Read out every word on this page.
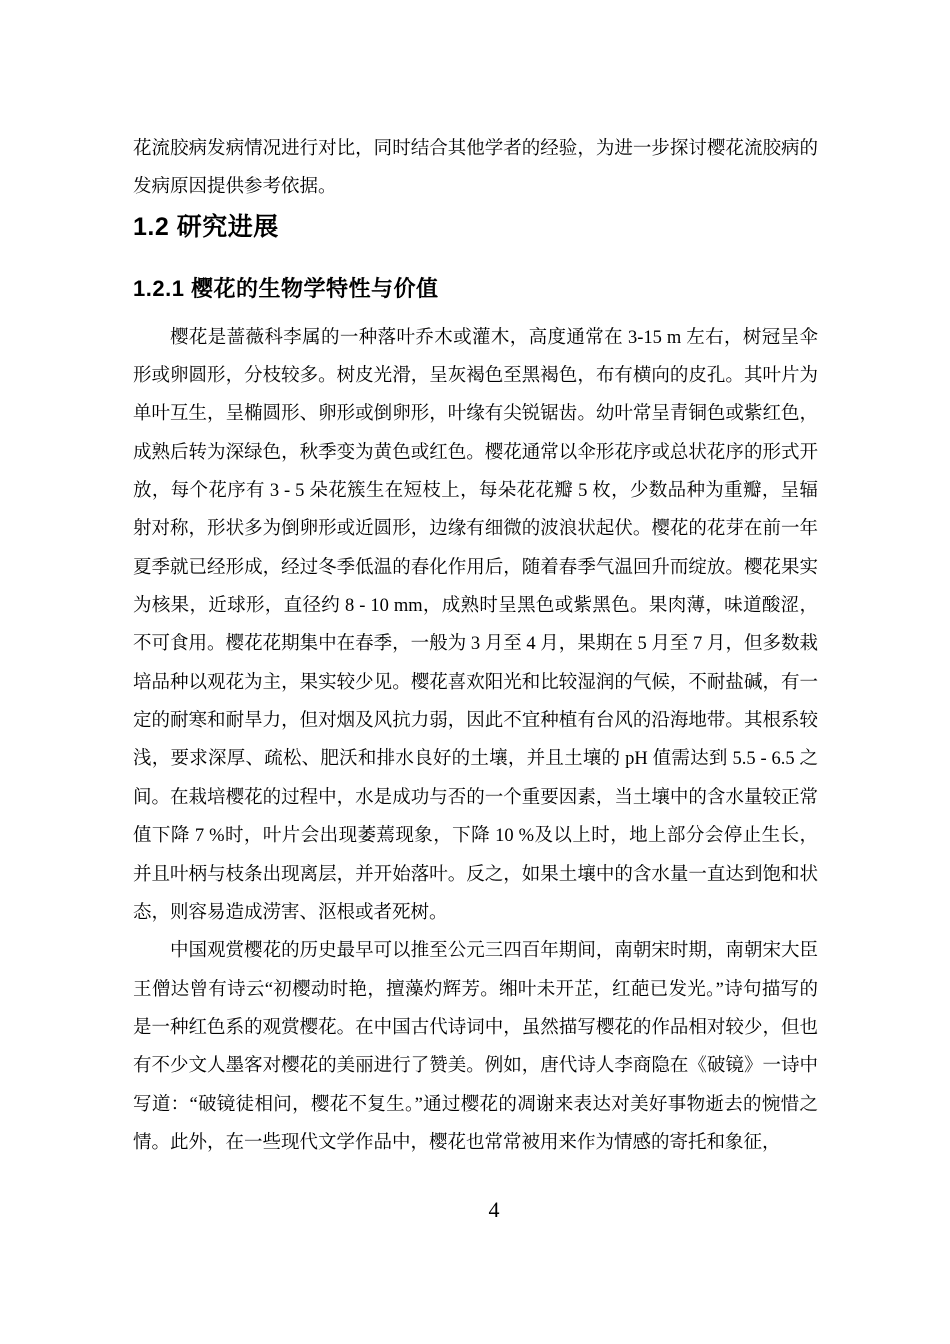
花流胶病发病情况进行对比，同时结合其他学者的经验，为进一步探讨樱花流胶病的发病原因提供参考依据。

1.2 研究进展
1.2.1 樱花的生物学特性与价值

樱花是蔷薇科李属的一种落叶乔木或灌木，高度通常在 3-15 m 左右，树冠呈伞形或卵圆形，分枝较多。树皮光滑，呈灰褐色至黑褐色，布有横向的皮孔。其叶片为单叶互生，呈椭圆形、卵形或倒卵形，叶缘有尖锐锯齿。幼叶常呈青铜色或紫红色，成熟后转为深绿色，秋季变为黄色或红色。樱花通常以伞形花序或总状花序的形式开放，每个花序有 3 - 5 朵花簇生在短枝上，每朵花花瓣 5 枚，少数品种为重瓣，呈辐射对称，形状多为倒卵形或近圆形，边缘有细微的波浪状起伏。樱花的花芽在前一年夏季就已经形成，经过冬季低温的春化作用后，随着春季气温回升而绽放。樱花果实为核果，近球形，直径约 8 - 10 mm，成熟时呈黑色或紫黑色。果肉薄，味道酸涩，不可食用。樱花花期集中在春季，一般为 3 月至 4 月，果期在 5 月至 7 月，但多数栽培品种以观花为主，果实较少见。樱花喜欢阳光和比较湿润的气候，不耐盐碱，有一定的耐寒和耐旱力，但对烟及风抗力弱，因此不宜种植有台风的沿海地带。其根系较浅，要求深厚、疏松、肥沃和排水良好的土壤，并且土壤的 pH 值需达到 5.5 - 6.5 之间。在栽培樱花的过程中，水是成功与否的一个重要因素，当土壤中的含水量较正常值下降 7 %时，叶片会出现萎蔫现象，下降 10 %及以上时，地上部分会停止生长，并且叶柄与枝条出现离层，并开始落叶。反之，如果土壤中的含水量一直达到饱和状态，则容易造成涝害、沤根或者死树。

中国观赏樱花的历史最早可以推至公元三四百年期间，南朝宋时期，南朝宋大臣王僧达曾有诗云“初樱动时艳，擅藻灼辉芳。缃叶未开芷，红葩已发光。”诗句描写的是一种红色系的观赏樱花。在中国古代诗词中，虽然描写樱花的作品相对较少，但也有不少文人墨客对樱花的美丽进行了赞美。例如，唐代诗人李商隐在《破镜》一诗中写道：“破镜徒相问，樱花不复生。”通过樱花的凋谢来表达对美好事物逝去的惋惜之情。此外，在一些现代文学作品中，樱花也常常被用来作为情感的寄托和象征，

4
